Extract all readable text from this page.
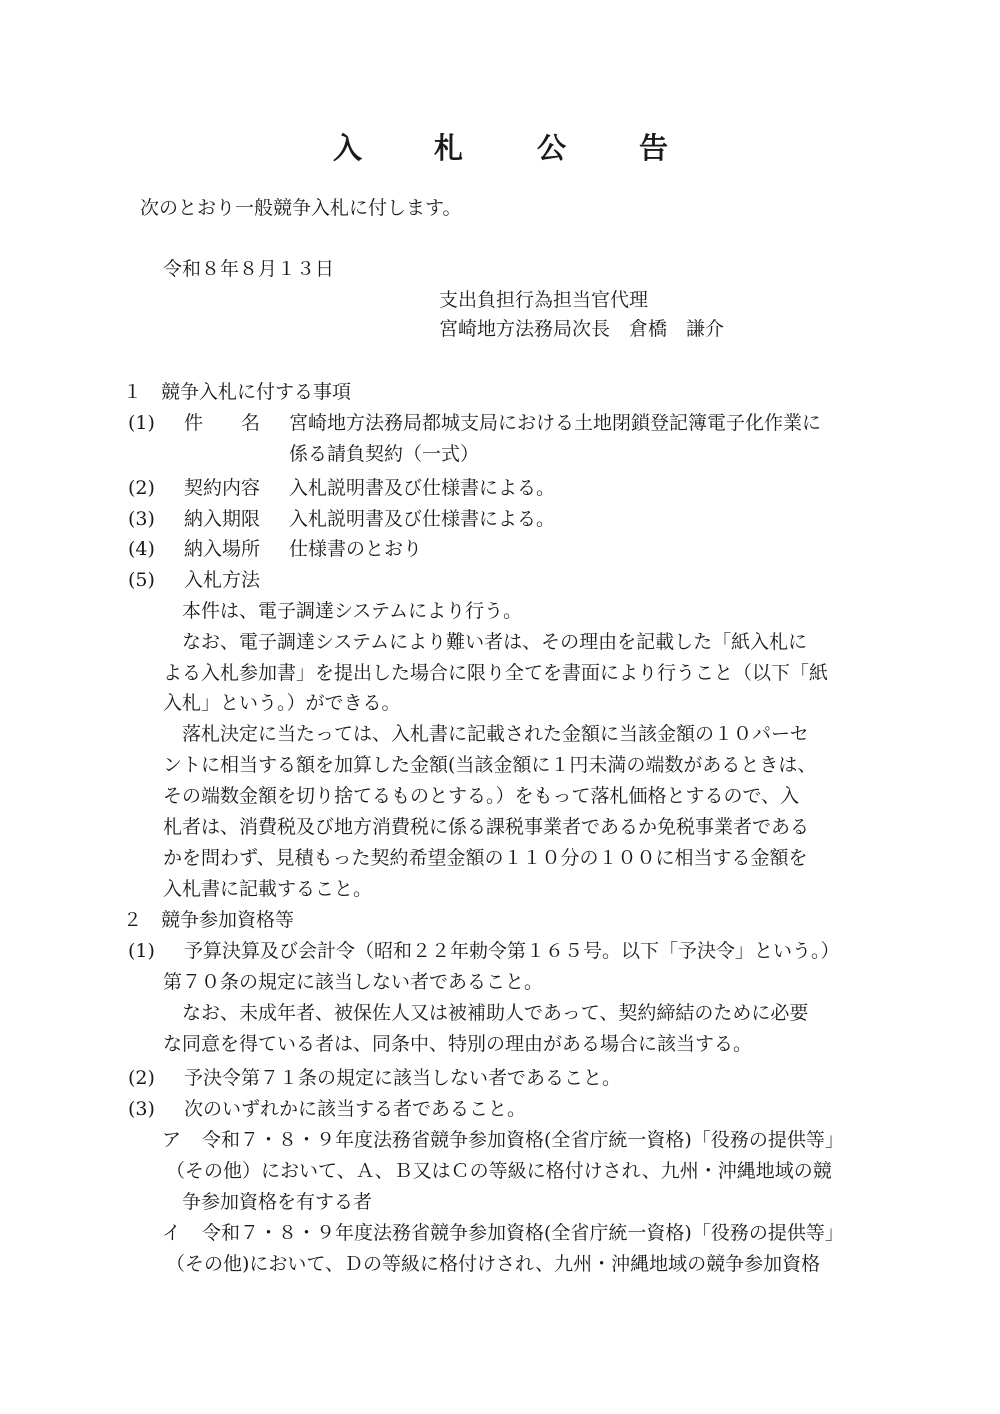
入 札	公	告
次のとおり一般競争入札に付します。
令和８年８月１３日
支出負担行為担当官代理
宮崎地方法務局次長　倉橋　謙介
１　競争入札に付する事項
(1) 件　　名 宮崎地方法務局都城支局における土地閉鎖登記簿電子化作業に
係る請負契約（一式）
(2) 契約内容 入札説明書及び仕様書による。
(3) 納入期限 入札説明書及び仕様書による。
(4) 納入場所 仕様書のとおり
(5) 入札方法
本件は、電子調達システムにより行う。
なお、電子調達システムにより難い者は、その理由を記載した「紙入札に
よる入札参加書」を提出した場合に限り全てを書面により行うこと（以下「紙
入札」という。）ができる。
落札決定に当たっては、入札書に記載された金額に当該金額の１０パーセ
ントに相当する額を加算した金額(当該金額に１円未満の端数があるときは、
その端数金額を切り捨てるものとする。）をもって落札価格とするので、入
札者は、消費税及び地方消費税に係る課税事業者であるか免税事業者である
かを問わず、見積もった契約希望金額の１１０分の１００に相当する金額を
入札書に記載すること。
２　競争参加資格等
(1) 予算決算及び会計令（昭和２２年勅令第１６５号。以下「予決令」という。）
第７０条の規定に該当しない者であること。
なお、未成年者、被保佐人又は被補助人であって、契約締結のために必要
な同意を得ている者は、同条中、特別の理由がある場合に該当する。
(2) 予決令第７１条の規定に該当しない者であること。
(3) 次のいずれかに該当する者であること。
ア 令和７・８・９年度法務省競争参加資格(全省庁統一資格)「役務の提供等」
（その他）において、Ａ、Ｂ又はＣの等級に格付けされ、九州・沖縄地域の競
争参加資格を有する者
イ 令和７・８・９年度法務省競争参加資格(全省庁統一資格)「役務の提供等」
（その他)において、Ｄの等級に格付けされ、九州・沖縄地域の競争参加資格
